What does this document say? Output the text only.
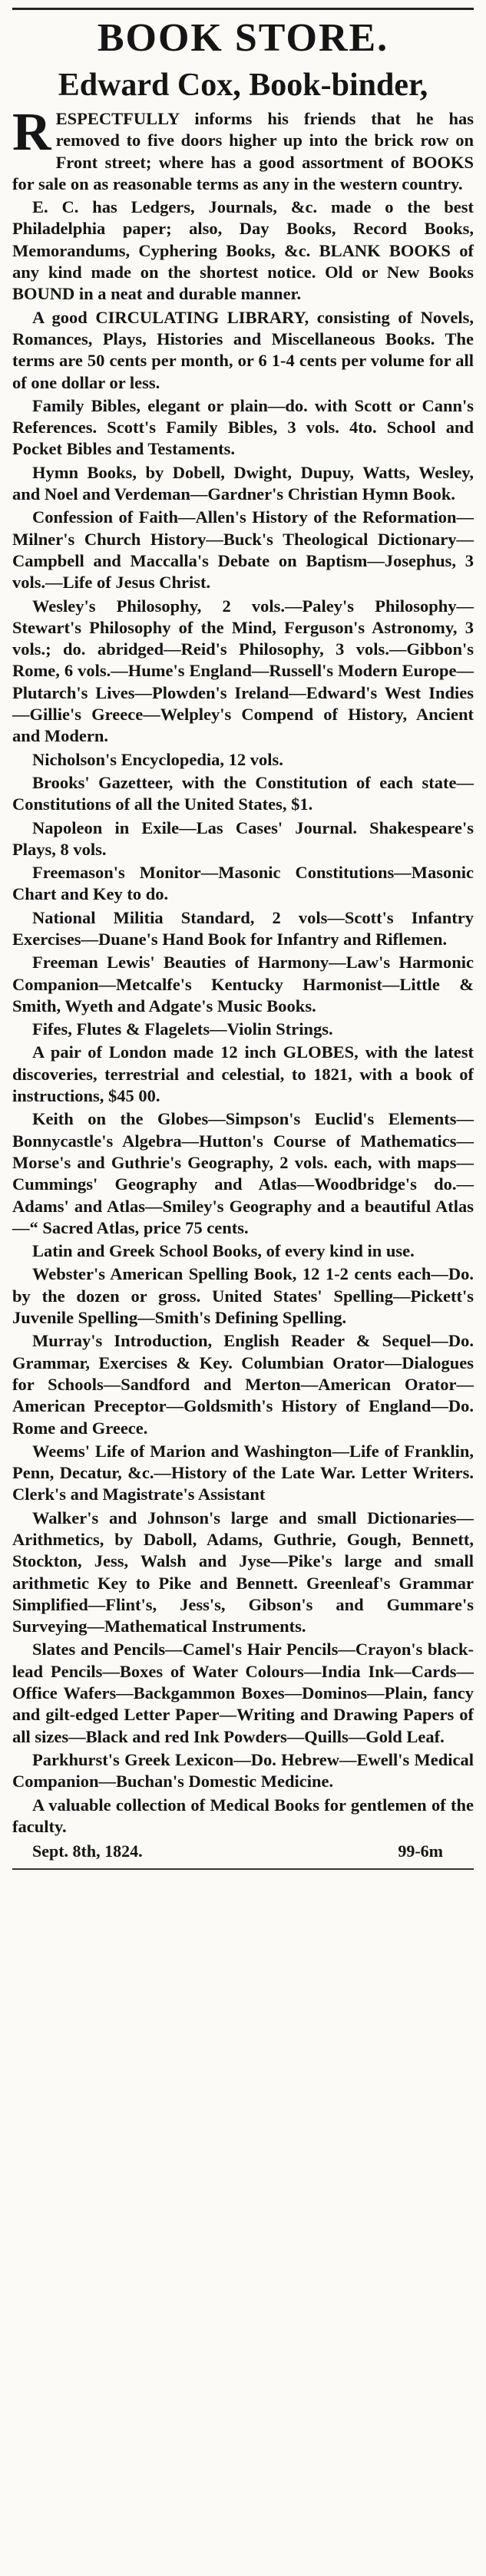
BOOK STORE.
Edward Cox, Book-binder,

RESPECTFULLY informs his friends that he has removed to five doors higher up into the brick row on Front street; where has a good assortment of BOOKS for sale on as reasonable terms as any in the western country.

E. C. has Ledgers, Journals, &c. made o the best Philadelphia paper; also, Day Books, Record Books, Memorandums, Cyphering Books, &c. BLANK BOOKS of any kind made on the shortest notice. Old or New Books BOUND in a neat and durable manner.

A good CIRCULATING LIBRARY, consisting of Novels, Romances, Plays, Histories and Miscellaneous Books. The terms are 50 cents per month, or 6 1-4 cents per volume for all of one dollar or less.

Family Bibles, elegant or plain—do. with Scott or Cann's References. Scott's Family Bibles, 3 vols. 4to. School and Pocket Bibles and Testaments.

Hymn Books, by Dobell, Dwight, Dupuy, Watts, Wesley, and Noel and Verdeman—Gardner's Christian Hymn Book.

Confession of Faith—Allen's History of the Reformation—Milner's Church History—Buck's Theological Dictionary—Campbell and Maccalla's Debate on Baptism—Josephus, 3 vols.—Life of Jesus Christ.

Wesley's Philosophy, 2 vols.—Paley's Philosophy—Stewart's Philosophy of the Mind, Ferguson's Astronomy, 3 vols.; do. abridged—Reid's Philosophy, 3 vols.—Gibbon's Rome, 6 vols.—Hume's England—Russell's Modern Europe—Plutarch's Lives—Plowden's Ireland—Edward's West Indies—Gillie's Greece—Welpley's Compend of History, Ancient and Modern.

Nicholson's Encyclopedia, 12 vols.

Brooks' Gazetteer, with the Constitution of each state—Constitutions of all the United States, $1.

Napoleon in Exile—Las Cases' Journal. Shakespeare's Plays, 8 vols.

Freemason's Monitor—Masonic Constitutions—Masonic Chart and Key to do.

National Militia Standard, 2 vols—Scott's Infantry Exercises—Duane's Hand Book for Infantry and Riflemen.

Freeman Lewis' Beauties of Harmony—Law's Harmonic Companion—Metcalfe's Kentucky Harmonist—Little & Smith, Wyeth and Adgate's Music Books.

Fifes, Flutes & Flagelets—Violin Strings.

A pair of London made 12 inch GLOBES, with the latest discoveries, terrestrial and celestial, to 1821, with a book of instructions, $45 00.

Keith on the Globes—Simpson's Euclid's Elements—Bonnycastle's Algebra—Hutton's Course of Mathematics—Morse's and Guthrie's Geography, 2 vols. each, with maps—Cummings' Geography and Atlas—Woodbridge's do.—Adams' and Atlas—Smiley's Geography and a beautiful Atlas—“ Sacred Atlas, price 75 cents.

Latin and Greek School Books, of every kind in use.

Webster's American Spelling Book, 12 1-2 cents each—Do. by the dozen or gross. United States' Spelling—Pickett's Juvenile Spelling—Smith's Defining Spelling.

Murray's Introduction, English Reader & Sequel—Do. Grammar, Exercises & Key. Columbian Orator—Dialogues for Schools—Sandford and Merton—American Orator—American Preceptor—Goldsmith's History of England—Do. Rome and Greece.

Weems' Life of Marion and Washington—Life of Franklin, Penn, Decatur, &c.—History of the Late War. Letter Writers. Clerk's and Magistrate's Assistant

Walker's and Johnson's large and small Dictionaries—Arithmetics, by Daboll, Adams, Guthrie, Gough, Bennett, Stockton, Jess, Walsh and Jyse—Pike's large and small arithmetic Key to Pike and Bennett. Greenleaf's Grammar Simplified—Flint's, Jess's, Gibson's and Gummare's Surveying—Mathematical Instruments.

Slates and Pencils—Camel's Hair Pencils—Crayon's black-lead Pencils—Boxes of Water Colours—India Ink—Cards—Office Wafers—Backgammon Boxes—Dominos—Plain, fancy and gilt-edged Letter Paper—Writing and Drawing Papers of all sizes—Black and red Ink Powders—Quills—Gold Leaf.

Parkhurst's Greek Lexicon—Do. Hebrew—Ewell's Medical Companion—Buchan's Domestic Medicine.

A valuable collection of Medical Books for gentlemen of the faculty.

Sept. 8th, 1824.	99-6m
